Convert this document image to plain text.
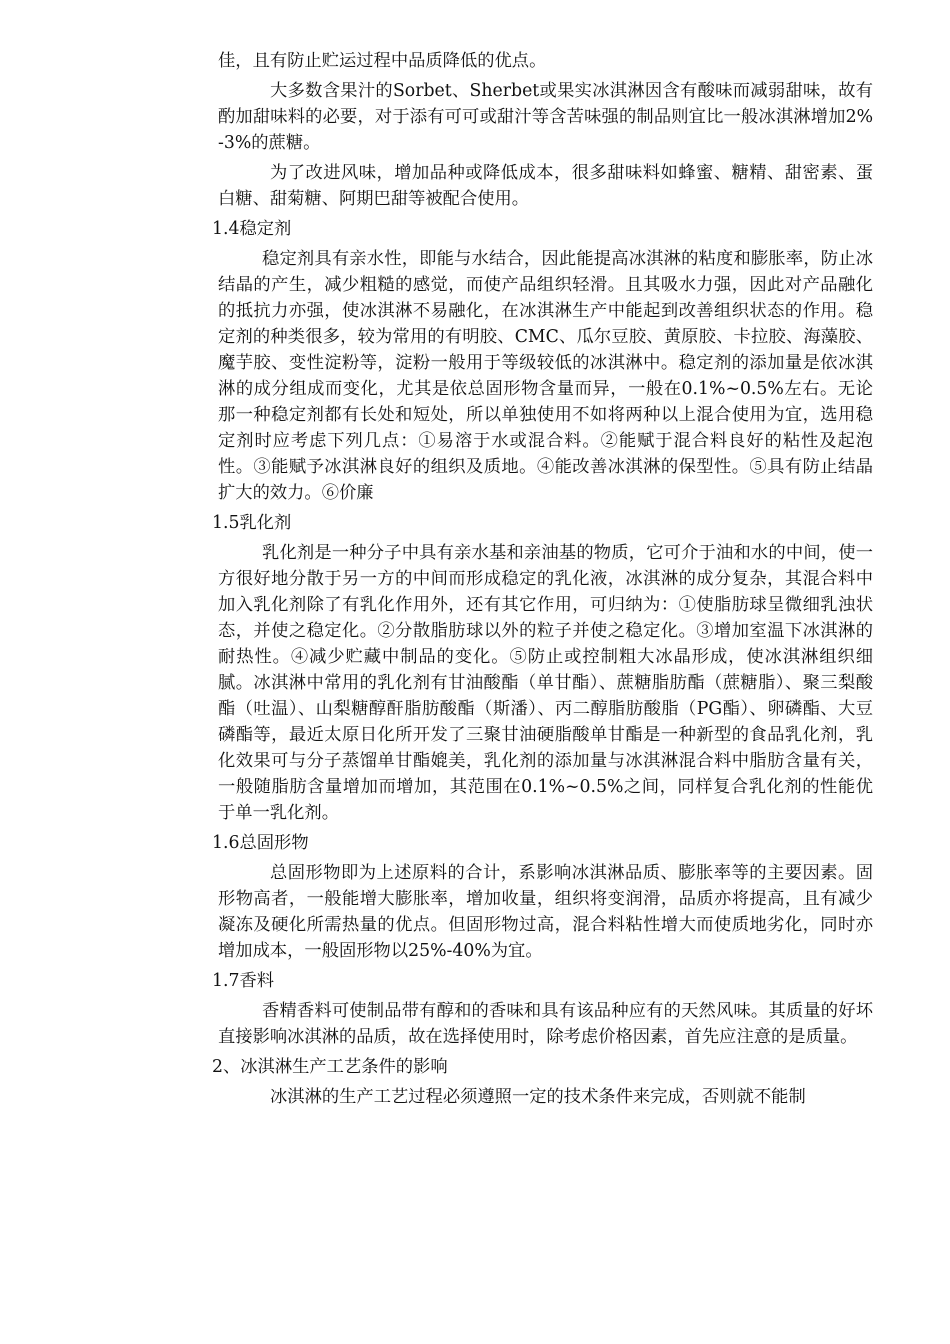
佳，且有防止贮运过程中品质降低的优点。

大多数含果汁的Sorbet、Sherbet或果实冰淇淋因含有酸味而减弱甜味，故有酌加甜味料的必要，对于添有可可或甜汁等含苦味强的制品则宜比一般冰淇淋增加2%-3%的蔗糖。

为了改进风味，增加品种或降低成本，很多甜味料如蜂蜜、糖精、甜密素、蛋白糖、甜菊糖、阿期巴甜等被配合使用。

1.4稳定剂

稳定剂具有亲水性，即能与水结合，因此能提高冰淇淋的粘度和膨胀率，防止冰结晶的产生，减少粗糙的感觉，而使产品组织轻滑。且其吸水力强，因此对产品融化的抵抗力亦强，使冰淇淋不易融化，在冰淇淋生产中能起到改善组织状态的作用。稳定剂的种类很多，较为常用的有明胶、CMC、瓜尔豆胶、黄原胶、卡拉胶、海藻胶、魔芋胶、变性淀粉等，淀粉一般用于等级较低的冰淇淋中。稳定剂的添加量是依冰淇淋的成分组成而变化，尤其是依总固形物含量而异，一般在0.1%~0.5%左右。无论那一种稳定剂都有长处和短处，所以单独使用不如将两种以上混合使用为宜，选用稳定剂时应考虑下列几点：①易溶于水或混合料。②能赋于混合料良好的粘性及起泡性。③能赋予冰淇淋良好的组织及质地。④能改善冰淇淋的保型性。⑤具有防止结晶扩大的效力。⑥价廉

1.5乳化剂

乳化剂是一种分子中具有亲水基和亲油基的物质，它可介于油和水的中间，使一方很好地分散于另一方的中间而形成稳定的乳化液，冰淇淋的成分复杂，其混合料中加入乳化剂除了有乳化作用外，还有其它作用，可归纳为：①使脂肪球呈微细乳浊状态，并使之稳定化。②分散脂肪球以外的粒子并使之稳定化。③增加室温下冰淇淋的耐热性。④减少贮藏中制品的变化。⑤防止或控制粗大冰晶形成，使冰淇淋组织细腻。冰淇淋中常用的乳化剂有甘油酸酯（单甘酯）、蔗糖脂肪酯（蔗糖脂）、聚三梨酸酯（吐温）、山梨糖醇酐脂肪酸酯（斯潘）、丙二醇脂肪酸脂（PG酯）、卵磷酯、大豆磷酯等，最近太原日化所开发了三聚甘油硬脂酸单甘酯是一种新型的食品乳化剂，乳化效果可与分子蒸馏单甘酯媲美，乳化剂的添加量与冰淇淋混合料中脂肪含量有关，一般随脂肪含量增加而增加，其范围在0.1%~0.5%之间，同样复合乳化剂的性能优于单一乳化剂。

1.6总固形物

总固形物即为上述原料的合计，系影响冰淇淋品质、膨胀率等的主要因素。固形物高者，一般能增大膨胀率，增加收量，组织将变润滑，品质亦将提高，且有减少凝冻及硬化所需热量的优点。但固形物过高，混合料粘性增大而使质地劣化，同时亦增加成本，一般固形物以25%-40%为宜。

1.7香料

香精香料可使制品带有醇和的香味和具有该品种应有的天然风味。其质量的好坏直接影响冰淇淋的品质，故在选择使用时，除考虑价格因素，首先应注意的是质量。

2、冰淇淋生产工艺条件的影响

冰淇淋的生产工艺过程必须遵照一定的技术条件来完成，否则就不能制
